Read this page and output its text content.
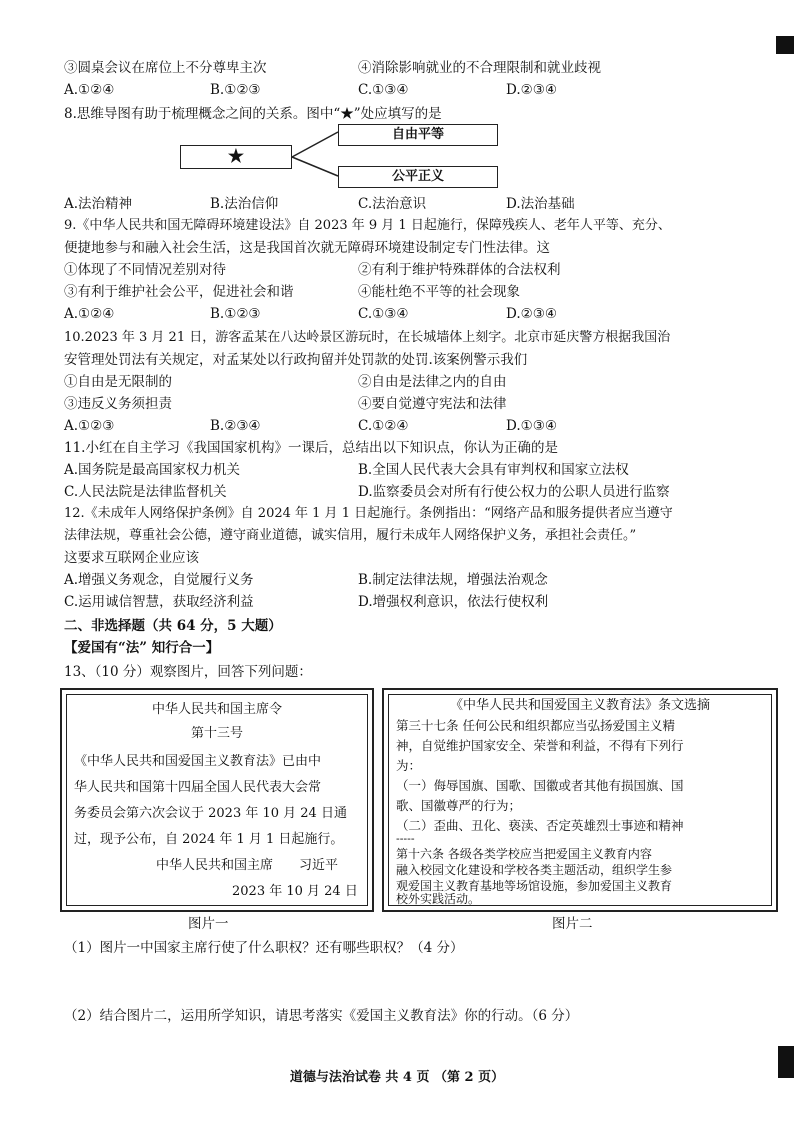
③圆桌会议在席位上不分尊卑主次	④消除影响就业的不合理限制和就业歧视
A.①②④	B.①②③	C.①③④	D.②③④
8.思维导图有助于梳理概念之间的关系。图中“★”处应填写的是
★
自由平等
公平正义
A.法治精神	B.法治信仰	C.法治意识	D.法治基础
9.《中华人民共和国无障碍环境建设法》自 2023 年 9 月 1 日起施行，保障残疾人、老年人平等、充分、
便捷地参与和融入社会生活，这是我国首次就无障碍环境建设制定专门性法律。这
①体现了不同情况差别对待	②有利于维护特殊群体的合法权利
③有利于维护社会公平，促进社会和谐	④能杜绝不平等的社会现象
A.①②④	B.①②③	C.①③④	D.②③④
10.2023 年 3 月 21 日，游客孟某在八达岭景区游玩时，在长城墙体上刻字。北京市延庆警方根据我国治
安管理处罚法有关规定，对孟某处以行政拘留并处罚款的处罚.该案例警示我们
①自由是无限制的	②自由是法律之内的自由
③违反义务须担责	④要自觉遵守宪法和法律
A.①②③	B.②③④	C.①②④	D.①③④
11.小红在自主学习《我国国家机构》一课后，总结出以下知识点，你认为正确的是
A.国务院是最高国家权力机关	B.全国人民代表大会具有审判权和国家立法权
C.人民法院是法律监督机关	D.监察委员会对所有行使公权力的公职人员进行监察
12.《未成年人网络保护条例》自 2024 年 1 月 1 日起施行。条例指出：“网络产品和服务提供者应当遵守
法律法规，尊重社会公德，遵守商业道德，诚实信用，履行未成年人网络保护义务，承担社会责任。”
这要求互联网企业应该
A.增强义务观念，自觉履行义务	B.制定法律法规，增强法治观念
C.运用诚信智慧，获取经济利益	D.增强权利意识，依法行使权利
二、非选择题（共 64 分，5 大题）
【爱国有“法” 知行合一】
13、（10 分）观察图片，回答下列问题：
中华人民共和国主席令
第十三号
《中华人民共和国爱国主义教育法》已由中
华人民共和国第十四届全国人民代表大会常
务委员会第六次会议于 2023 年 10 月 24 日通
过，现予公布，自 2024 年 1 月 1 日起施行。
中华人民共和国主席　　习近平
2023 年 10 月 24 日
图片一
《中华人民共和国爱国主义教育法》条文选摘
第三十七条 任何公民和组织都应当弘扬爱国主义精
神，自觉维护国家安全、荣誉和利益，不得有下列行
为：
（一）侮辱国旗、国歌、国徽或者其他有损国旗、国
歌、国徽尊严的行为；
（二）歪曲、丑化、亵渎、否定英雄烈士事迹和精神
-----
第十六条 各级各类学校应当把爱国主义教育内容
融入校园文化建设和学校各类主题活动，组织学生参
观爱国主义教育基地等场馆设施，参加爱国主义教育
校外实践活动。
图片二
（1）图片一中国家主席行使了什么职权？还有哪些职权？（4 分）
（2）结合图片二，运用所学知识，请思考落实《爱国主义教育法》你的行动。（6 分）
道德与法治试卷 共 4 页 （第 2 页）
